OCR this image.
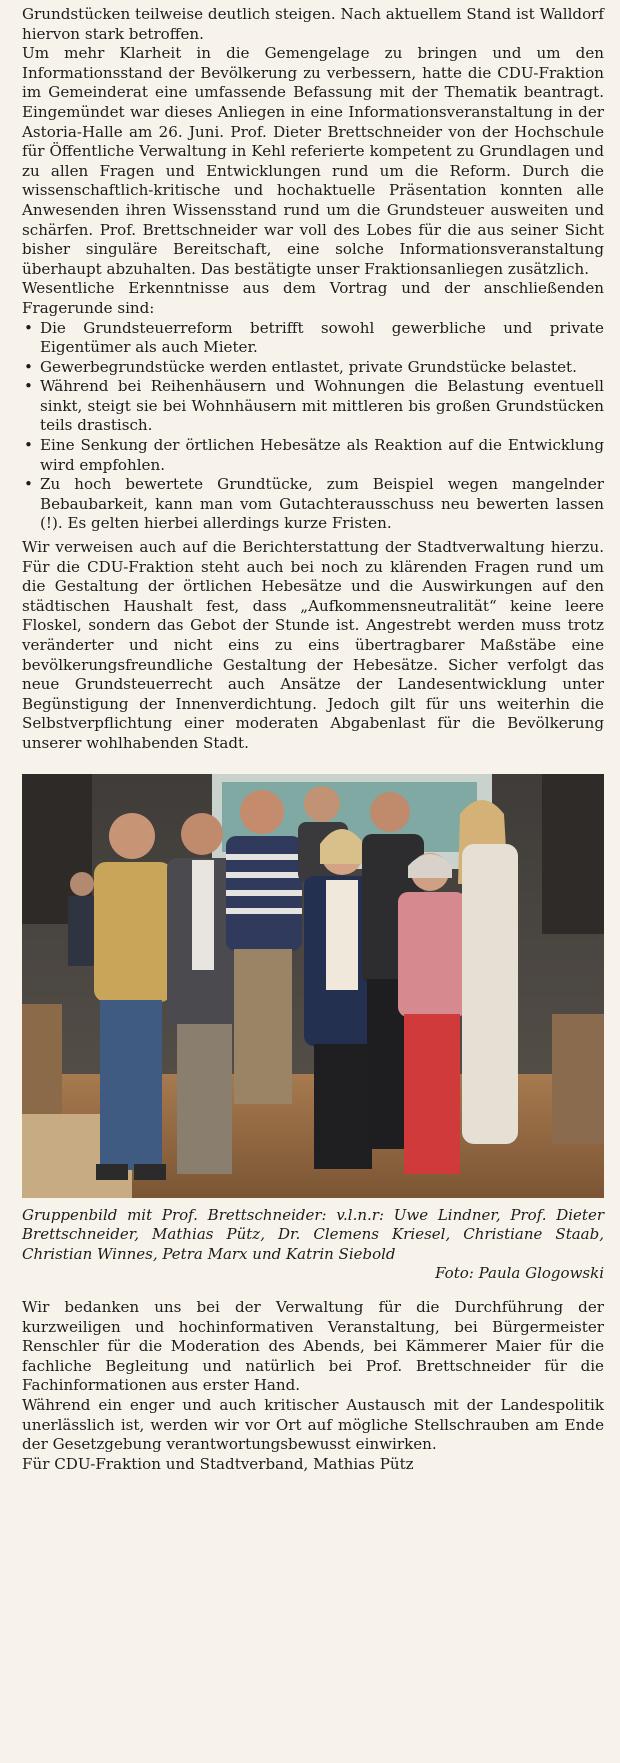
Grundstücken teilweise deutlich steigen. Nach aktuellem Stand ist Walldorf hiervon stark betroffen.

Um mehr Klarheit in die Gemengelage zu bringen und um den Informationsstand der Bevölkerung zu verbessern, hatte die CDU-Fraktion im Gemeinderat eine umfassende Befassung mit der Thematik beantragt. Eingemündet war dieses Anliegen in eine Informationsveranstaltung in der Astoria-Halle am 26. Juni. Prof. Dieter Brettschneider von der Hochschule für Öffentliche Verwaltung in Kehl referierte kompetent zu Grundlagen und zu allen Fragen und Entwicklungen rund um die Reform. Durch die wissenschaftlich-kritische und hochaktuelle Präsentation konnten alle Anwesenden ihren Wissensstand rund um die Grundsteuer ausweiten und schärfen. Prof. Brettschneider war voll des Lobes für die aus seiner Sicht bisher singuläre Bereitschaft, eine solche Informationsveranstaltung überhaupt abzuhalten. Das bestätigte unser Fraktionsanliegen zusätzlich.

Wesentliche Erkenntnisse aus dem Vortrag und der anschließenden Fragerunde sind:

• Die Grundsteuerreform betrifft sowohl gewerbliche und private Eigentümer als auch Mieter.
• Gewerbegrundstücke werden entlastet, private Grundstücke belastet.
• Während bei Reihenhäusern und Wohnungen die Belastung eventuell sinkt, steigt sie bei Wohnhäusern mit mittleren bis großen Grundstücken teils drastisch.
• Eine Senkung der örtlichen Hebesätze als Reaktion auf die Entwicklung wird empfohlen.
• Zu hoch bewertete Grundtücke, zum Beispiel wegen mangelnder Bebaubarkeit, kann man vom Gutachterausschuss neu bewerten lassen (!). Es gelten hierbei allerdings kurze Fristen.

Wir verweisen auch auf die Berichterstattung der Stadtverwaltung hierzu. Für die CDU-Fraktion steht auch bei noch zu klärenden Fragen rund um die Gestaltung der örtlichen Hebesätze und die Auswirkungen auf den städtischen Haushalt fest, dass „Aufkommensneutralität“ keine leere Floskel, sondern das Gebot der Stunde ist. Angestrebt werden muss trotz veränderter und nicht eins zu eins übertragbarer Maßstäbe eine bevölkerungsfreundliche Gestaltung der Hebesätze. Sicher verfolgt das neue Grundsteuerrecht auch Ansätze der Landesentwicklung unter Begünstigung der Innenverdichtung. Jedoch gilt für uns weiterhin die Selbstverpflichtung einer moderaten Abgabenlast für die Bevölkerung unserer wohlhabenden Stadt.

Gruppenbild mit Prof. Brettschneider: v.l.n.r: Uwe Lindner, Prof. Dieter Brettschneider, Mathias Pütz, Dr. Clemens Kriesel, Christiane Staab, Christian Winnes, Petra Marx und Katrin Siebold

Foto: Paula Glogowski

Wir bedanken uns bei der Verwaltung für die Durchführung der kurzweiligen und hochinformativen Veranstaltung, bei Bürgermeister Renschler für die Moderation des Abends, bei Kämmerer Maier für die fachliche Begleitung und natürlich bei Prof. Brettschneider für die Fachinformationen aus erster Hand.

Während ein enger und auch kritischer Austausch mit der Landespolitik unerlässlich ist, werden wir vor Ort auf mögliche Stellschrauben am Ende der Gesetzgebung verantwortungsbewusst einwirken.

Für CDU-Fraktion und Stadtverband, Mathias Pütz
